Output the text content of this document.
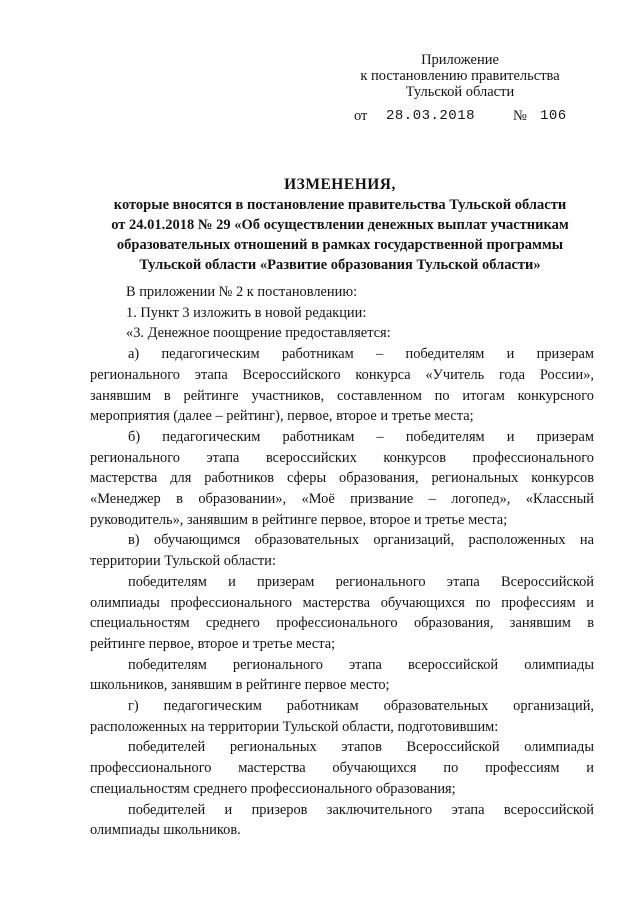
Приложение
к постановлению правительства
Тульской области
от 28.03.2018	№ 106
ИЗМЕНЕНИЯ,
которые вносятся в постановление правительства Тульской области
от 24.01.2018 № 29 «Об осуществлении денежных выплат участникам
образовательных отношений в рамках государственной программы
Тульской области «Развитие образования Тульской области»
В приложении № 2 к постановлению:
1. Пункт 3 изложить в новой редакции:
«3. Денежное поощрение предоставляется:
а) педагогическим работникам – победителям и призерам
регионального этапа Всероссийского конкурса «Учитель года России»,
занявшим в рейтинге участников, составленном по итогам конкурсного
мероприятия (далее – рейтинг), первое, второе и третье места;
б) педагогическим работникам – победителям и призерам
регионального этапа всероссийских конкурсов профессионального
мастерства для работников сферы образования, региональных конкурсов
«Менеджер в образовании», «Моё призвание – логопед», «Классный
руководитель», занявшим в рейтинге первое, второе и третье места;
в) обучающимся образовательных организаций, расположенных на
территории Тульской области:
победителям и призерам регионального этапа Всероссийской
олимпиады профессионального мастерства обучающихся по профессиям и
специальностям среднего профессионального образования, занявшим в
рейтинге первое, второе и третье места;
победителям регионального этапа всероссийской олимпиады
школьников, занявшим в рейтинге первое место;
г) педагогическим работникам образовательных организаций,
расположенных на территории Тульской области, подготовившим:
победителей региональных этапов Всероссийской олимпиады
профессионального мастерства обучающихся по профессиям и
специальностям среднего профессионального образования;
победителей и призеров заключительного этапа всероссийской
олимпиады школьников.
